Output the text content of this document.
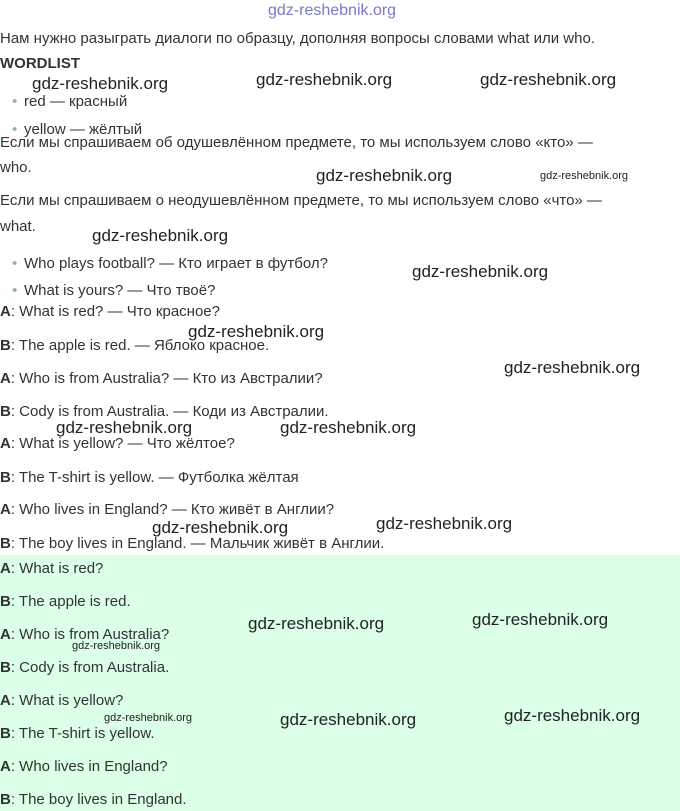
gdz-reshebnik.org
Нам нужно разыграть диалоги по образцу, дополняя вопросы словами what или who.
WORDLIST
• red — красный
• yellow — жёлтый
Если мы спрашиваем об одушевлённом предмете, то мы используем слово «кто» —
who.
Если мы спрашиваем о неодушевлённом предмете, то мы используем слово «что» —
what.
• Who plays football? — Кто играет в футбол?
• What is yours? — Что твоё?
A: What is red? — Что красное?
B: The apple is red. — Яблоко красное.
A: Who is from Australia? — Кто из Австралии?
B: Cody is from Australia. — Коди из Австралии.
A: What is yellow? — Что жёлтое?
B: The T-shirt is yellow. — Футболка жёлтая
A: Who lives in England? — Кто живёт в Англии?
B: The boy lives in England. — Мальчик живёт в Англии.
A: What is red?
B: The apple is red.
A: Who is from Australia?
B: Cody is from Australia.
A: What is yellow?
B: The T-shirt is yellow.
A: Who lives in England?
B: The boy lives in England.
gdz-reshebnik.org	gdz-reshebnik.org	gdz-reshebnik.org
gdz-reshebnik.org	gdz-reshebnik.org
gdz-reshebnik.org
gdz-reshebnik.org
gdz-reshebnik.org
gdz-reshebnik.org
gdz-reshebnik.org	gdz-reshebnik.org
gdz-reshebnik.org	gdz-reshebnik.org
gdz-reshebnik.org	gdz-reshebnik.org
gdz-reshebnik.org
gdz-reshebnik.org	gdz-reshebnik.org	gdz-reshebnik.org
